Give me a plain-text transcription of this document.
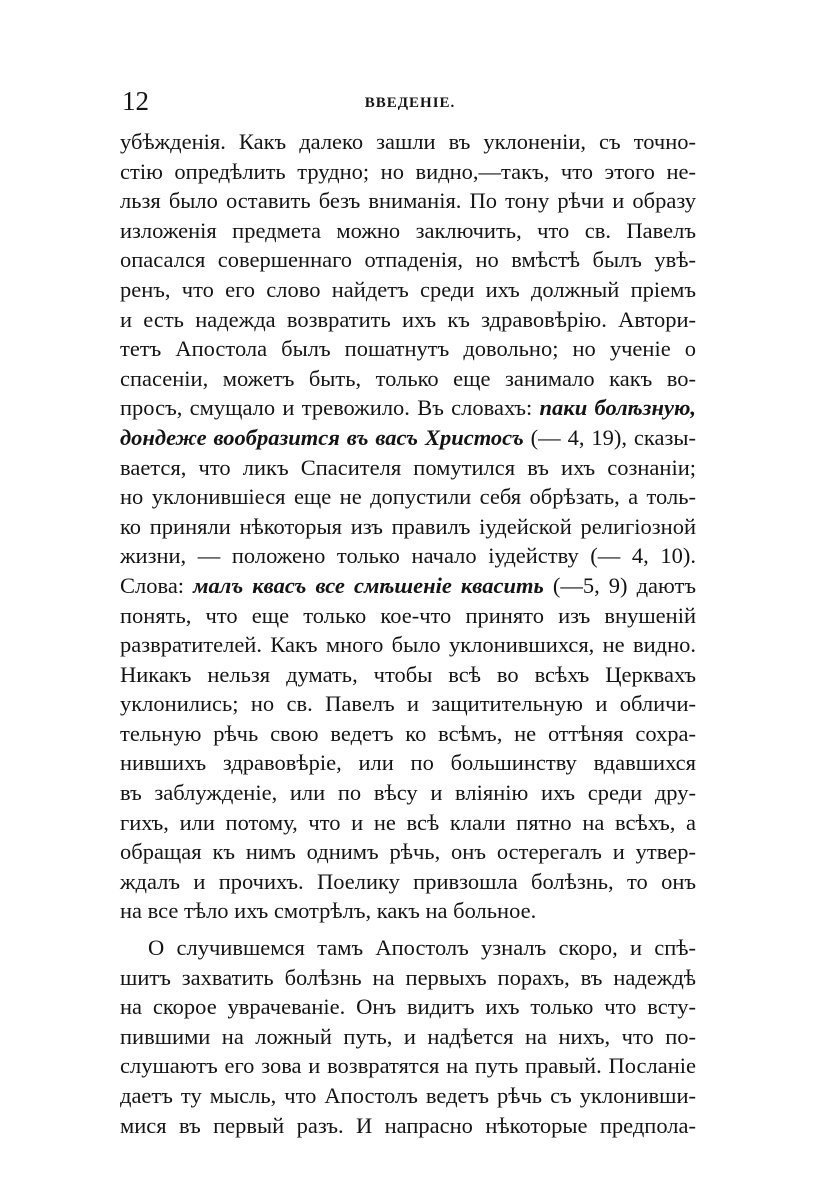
12	ВВЕДЕНІЕ.
убѣжденія. Какъ далеко зашли въ уклоненіи, съ точно-
стію опредѣлить трудно; но видно,—такъ, что этого не-
льзя было оставить безъ вниманія. По тону рѣчи и образу
изложенія предмета можно заключить, что св. Павелъ
опасался совершеннаго отпаденія, но вмѣстѣ былъ увѣ-
ренъ, что его слово найдетъ среди ихъ должный пріемъ
и есть надежда возвратить ихъ къ здравовѣрію. Автори-
тетъ Апостола былъ пошатнутъ довольно; но ученіе о
спасеніи, можетъ быть, только еще занимало какъ во-
просъ, смущало и тревожило. Въ словахъ: паки болѣзную,
дондеже вообразится въ васъ Христосъ (— 4, 19), сказы-
вается, что ликъ Спасителя помутился въ ихъ сознаніи;
но уклонившіеся еще не допустили себя обрѣзать, а толь-
ко приняли нѣкоторыя изъ правилъ іудейской религіозной
жизни, — положено только начало іудейству (— 4, 10).
Слова: малъ квасъ все смѣшеніе квасить (—5, 9) даютъ
понять, что еще только кое-что принято изъ внушеній
развратителей. Какъ много было уклонившихся, не видно.
Никакъ нельзя думать, чтобы всѣ во всѣхъ Церквахъ
уклонились; но св. Павелъ и защитительную и обличи-
тельную рѣчь свою ведетъ ко всѣмъ, не оттѣняя сохра-
нившихъ здравовѣріе, или по большинству вдавшихся
въ заблужденіе, или по вѣсу и вліянію ихъ среди дру-
гихъ, или потому, что и не всѣ клали пятно на всѣхъ, а
обращая къ нимъ однимъ рѣчь, онъ остерегалъ и утвер-
ждалъ и прочихъ. Поелику привзошла болѣзнь, то онъ
на все тѣло ихъ смотрѣлъ, какъ на больное.
О случившемся тамъ Апостолъ узналъ скоро, и спѣ-
шитъ захватить болѣзнь на первыхъ порахъ, въ надеждѣ
на скорое уврачеваніе. Онъ видитъ ихъ только что всту-
пившими на ложный путь, и надѣется на нихъ, что по-
слушаютъ его зова и возвратятся на путь правый. Посланіе
даетъ ту мысль, что Апостолъ ведетъ рѣчь съ уклонивши-
мися въ первый разъ. И напрасно нѣкоторые предпола-
